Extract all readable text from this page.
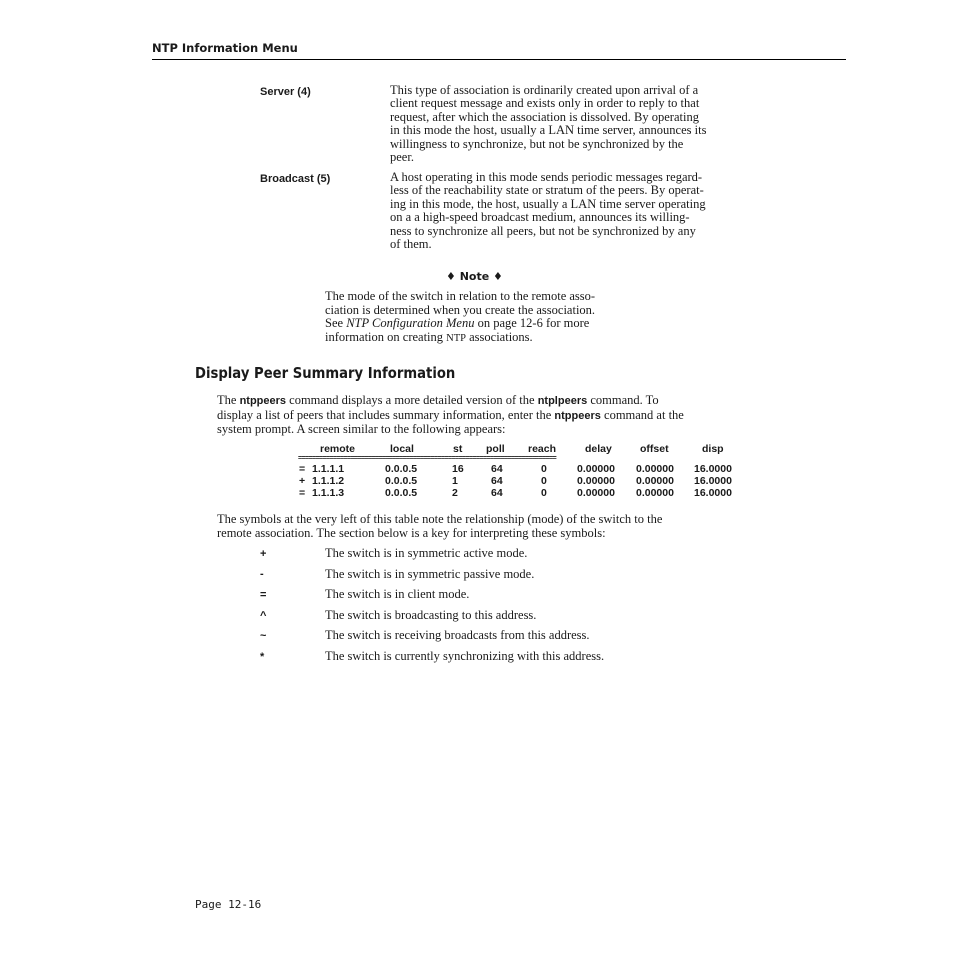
NTP Information Menu
Server (4)	This type of association is ordinarily created upon arrival of a
client request message and exists only in order to reply to that
request, after which the association is dissolved. By operating
in this mode the host, usually a LAN time server, announces its
willingness to synchronize, but not be synchronized by the
peer.
Broadcast (5)	A host operating in this mode sends periodic messages regard-
less of the reachability state or stratum of the peers. By operat-
ing in this mode, the host, usually a LAN time server operating
on a a high-speed broadcast medium, announces its willing-
ness to synchronize all peers, but not be synchronized by any
of them.
♦ Note ♦
The mode of the switch in relation to the remote asso-
ciation is determined when you create the association.
See NTP Configuration Menu on page 12-6 for more
information on creating NTP associations.
Display Peer Summary Information
The ntppeers command displays a more detailed version of the ntplpeers command. To
display a list of peers that includes summary information, enter the ntppeers command at the
system prompt. A screen similar to the following appears:
remote	local	st poll reach	delay	offset	disp
==========================================================================
= 1.1.1.1	0.0.0.5	16	64	0	0.00000 0.00000 16.0000
+ 1.1.1.2	0.0.0.5	1	64	0	0.00000 0.00000 16.0000
= 1.1.1.3	0.0.0.5	2	64	0	0.00000 0.00000 16.0000
The symbols at the very left of this table note the relationship (mode) of the switch to the
remote association. The section below is a key for interpreting these symbols:
+	The switch is in symmetric active mode.
-	The switch is in symmetric passive mode.
=	The switch is in client mode.
^	The switch is broadcasting to this address.
~	The switch is receiving broadcasts from this address.
*	The switch is currently synchronizing with this address.
Page 12-16
